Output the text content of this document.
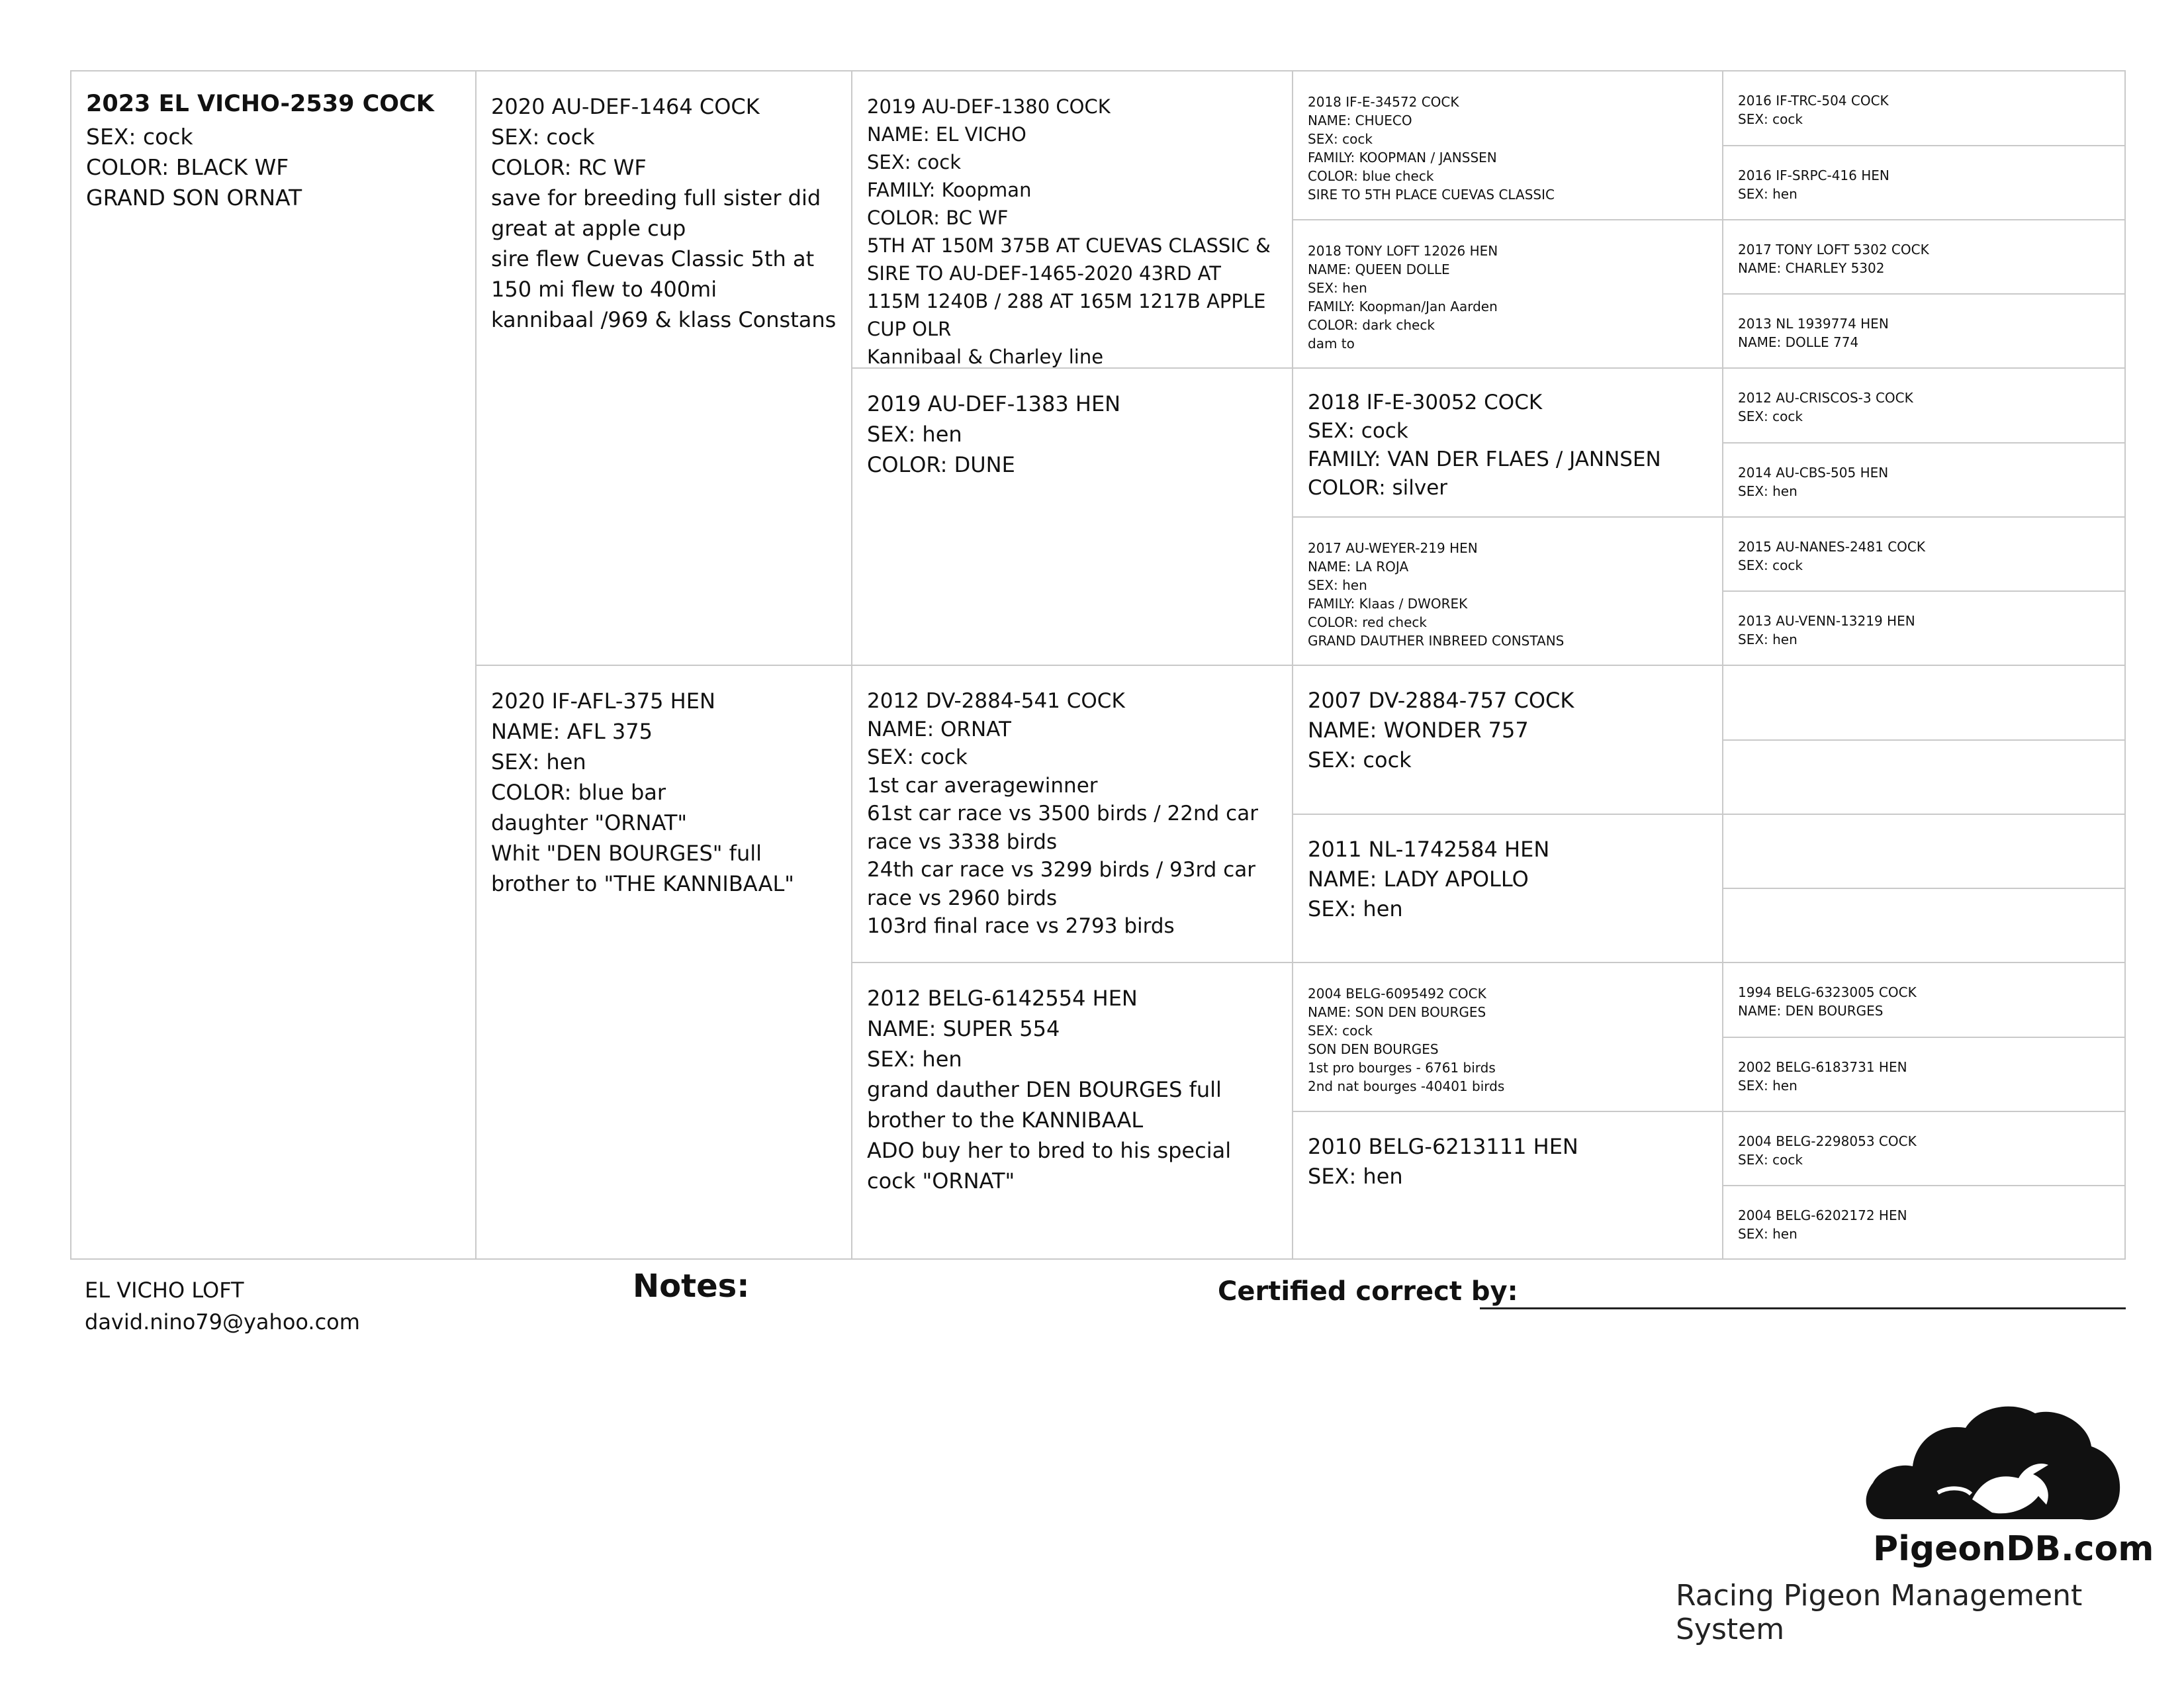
2023 EL VICHO-2539 COCK
SEX: cock
COLOR: BLACK WF
GRAND SON ORNAT
2020 AU-DEF-1464 COCK
SEX: cock
COLOR: RC WF
save for breeding full sister did great at apple cup
sire flew Cuevas Classic 5th at 150 mi flew to 400mi
kannibaal /969 & klass Constans
2020 IF-AFL-375 HEN
NAME: AFL 375
SEX: hen
COLOR: blue bar
daughter "ORNAT"
Whit "DEN BOURGES" full brother to "THE KANNIBAAL"
2019 AU-DEF-1380 COCK
NAME: EL VICHO
SEX: cock
FAMILY: Koopman
COLOR: BC WF
5TH AT 150M 375B AT CUEVAS CLASSIC & SIRE TO AU-DEF-1465-2020 43RD AT 115M 1240B / 288 AT 165M 1217B APPLE CUP OLR
Kannibaal & Charley line
2019 AU-DEF-1383 HEN
SEX: hen
COLOR: DUNE
2012 DV-2884-541 COCK
NAME: ORNAT
SEX: cock
1st car averagewinner
61st car race vs 3500 birds / 22nd car race vs 3338 birds
24th car race vs 3299 birds / 93rd car race vs 2960 birds
103rd final race vs 2793 birds
2012 BELG-6142554 HEN
NAME: SUPER 554
SEX: hen
grand dauther DEN BOURGES full brother to the KANNIBAAL
ADO buy her to bred to his special cock "ORNAT"
2018 IF-E-34572 COCK
NAME: CHUECO
SEX: cock
FAMILY: KOOPMAN / JANSSEN
COLOR: blue check
SIRE TO 5TH PLACE CUEVAS CLASSIC
2018 TONY LOFT 12026 HEN
NAME: QUEEN DOLLE
SEX: hen
FAMILY: Koopman/Jan Aarden
COLOR: dark check
dam to
2018 IF-E-30052 COCK
SEX: cock
FAMILY: VAN DER FLAES / JANNSEN
COLOR: silver
2017 AU-WEYER-219 HEN
NAME: LA ROJA
SEX: hen
FAMILY: Klaas / DWOREK
COLOR: red check
GRAND DAUTHER INBREED CONSTANS
2007 DV-2884-757 COCK
NAME: WONDER 757
SEX: cock
2011 NL-1742584 HEN
NAME: LADY APOLLO
SEX: hen
2004 BELG-6095492 COCK
NAME: SON DEN BOURGES
SEX: cock
SON DEN BOURGES
1st pro bourges - 6761 birds
2nd nat bourges -40401 birds
2010 BELG-6213111 HEN
SEX: hen
2016 IF-TRC-504 COCK
SEX: cock
2016 IF-SRPC-416 HEN
SEX: hen
2017 TONY LOFT 5302 COCK
NAME: CHARLEY 5302
2013 NL 1939774 HEN
NAME: DOLLE 774
2012 AU-CRISCOS-3 COCK
SEX: cock
2014 AU-CBS-505 HEN
SEX: hen
2015 AU-NANES-2481 COCK
SEX: cock
2013 AU-VENN-13219 HEN
SEX: hen
1994 BELG-6323005 COCK
NAME: DEN BOURGES
2002 BELG-6183731 HEN
SEX: hen
2004 BELG-2298053 COCK
SEX: cock
2004 BELG-6202172 HEN
SEX: hen
EL VICHO LOFT
david.nino79@yahoo.com
Notes:	Certified correct by:
PigeonDB.com
Racing Pigeon Management System
